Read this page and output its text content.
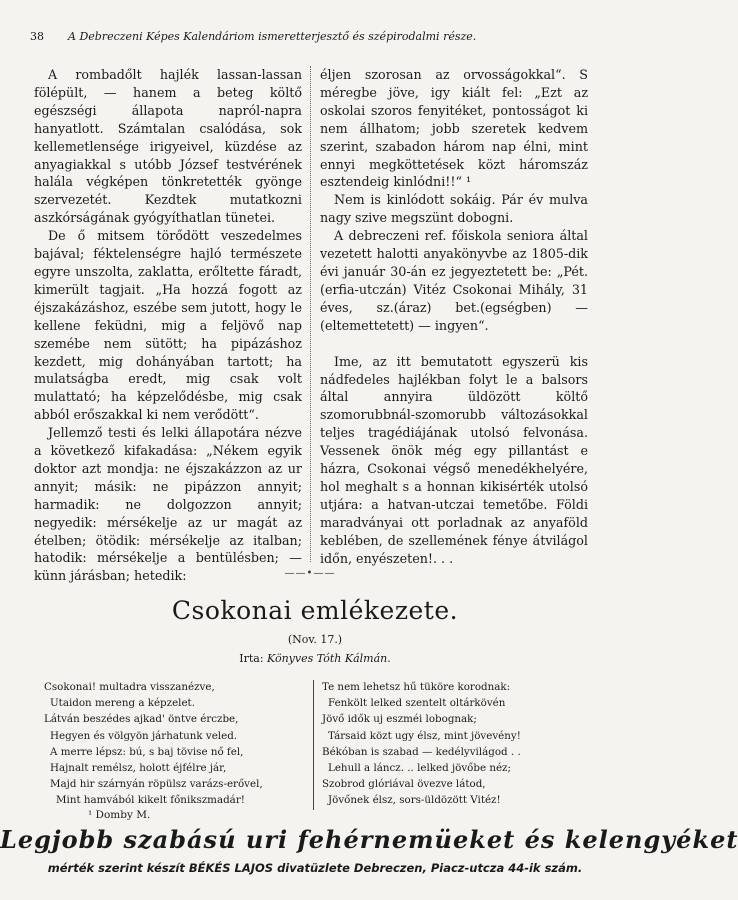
38 A Debreczeni Képes Kalendáriom ismeretterjesztő és szépirodalmi része.

A rombadőlt hajlék lassan-lassan fölépült, — hanem a beteg költő egészségi állapota napról-napra hanyatlott. Számtalan csalódása, sok kellemetlensége irigyeivel, küzdése az anyagiakkal s utóbb József testvérének halála végképen tönkretették gyönge szervezetét. Kezdtek mutatkozni aszkórságának gyógyíthatlan tünetei.

De ő mitsem törődött veszedelmes bajával; féktelenségre hajló természete egyre unszolta, zaklatta, erőltette fáradt, kimerült tagjait. „Ha hozzá fogott az éjszakázáshoz, eszébe sem jutott, hogy le kellene feküdni, mig a feljövő nap szemébe nem sütött; ha pipázáshoz kezdett, mig dohányában tartott; ha mulatságba eredt, mig csak volt mulattató; ha képzelődésbe, mig csak abból erőszakkal ki nem verődött“.

Jellemző testi és lelki állapotára nézve a következő kifakadása: „Nékem egyik doktor azt mondja: ne éjszakázzon az ur annyit; másik: ne pipázzon annyit; harmadik: ne dolgozzon annyit; negyedik: mérsékelje az ur magát az ételben; ötödik: mérsékelje az italban; hatodik: mérsékelje a bentülésben; — künn járásban; hetedik:

éljen szorosan az orvosságokkal“. S méregbe jöve, igy kiált fel: „Ezt az oskolai szoros fenyitéket, pontosságot ki nem állhatom; jobb szeretek kedvem szerint, szabadon három nap élni, mint ennyi megköttetések közt háromszáz esztendeig kinlódni!!“ ¹

Nem is kinlódott sokáig. Pár év mulva nagy szive megszünt dobogni.

A debreczeni ref. főiskola seniora által vezetett halotti anyakönyvbe az 1805-dik évi január 30-án ez jegyeztetett be: „Pét.(erfia-utczán) Vitéz Csokonai Mihály, 31 éves, sz.(áraz) bet.(egségben) — (eltemettetett) — ingyen“.

Ime, az itt bemutatott egyszerü kis nádfedeles hajlékban folyt le a balsors által annyira üldözött költő szomorubbnál-szomorubb változásokkal teljes tragédiájának utolsó felvonása. Vessenek önök még egy pillantást e házra, Csokonai végső menedékhelyére, hol meghalt s a honnan kikisérték utolsó utjára: a hatvan-utczai temetőbe. Földi maradványai ott porladnak az anyaföld keblében, de szellemének fénye átvilágol időn, enyészeten!. . .

——•——
Csokonai emlékezete.
(Nov. 17.)
Irta: Könyves Tóth Kálmán.
Csokonai! multadra visszanézve,
Utaidon mereng a képzelet.
Látván beszédes ajkad' öntve érczbe,
Hegyen és völgyön járhatunk veled.
A merre lépsz: bú, s baj tövise nő fel,
Hajnalt remélsz, holott éjfélre jár,
Majd hir szárnyán röpülsz varázs-erővel,
Mint hamvából kikelt főnikszmadár!
Te nem lehetsz hű tüköre korodnak:
Fenkölt lelked szentelt oltárkövén
Jövő idők uj eszméi lobognak;
Társaid közt ugy élsz, mint jövevény!
Békóban is szabad — kedélyvilágod . .
Lehull a láncz. .. lelked jövőbe néz;
Szobrod glóriával övezve látod,
Jövőnek élsz, sors-üldözött Vitéz!
¹ Domby M.
Legjobb szabású uri fehérnemüeket és kelengyéket
mérték szerint készít BÉKÉS LAJOS divatüzlete Debreczen, Piacz-utcza 44-ik szám.
